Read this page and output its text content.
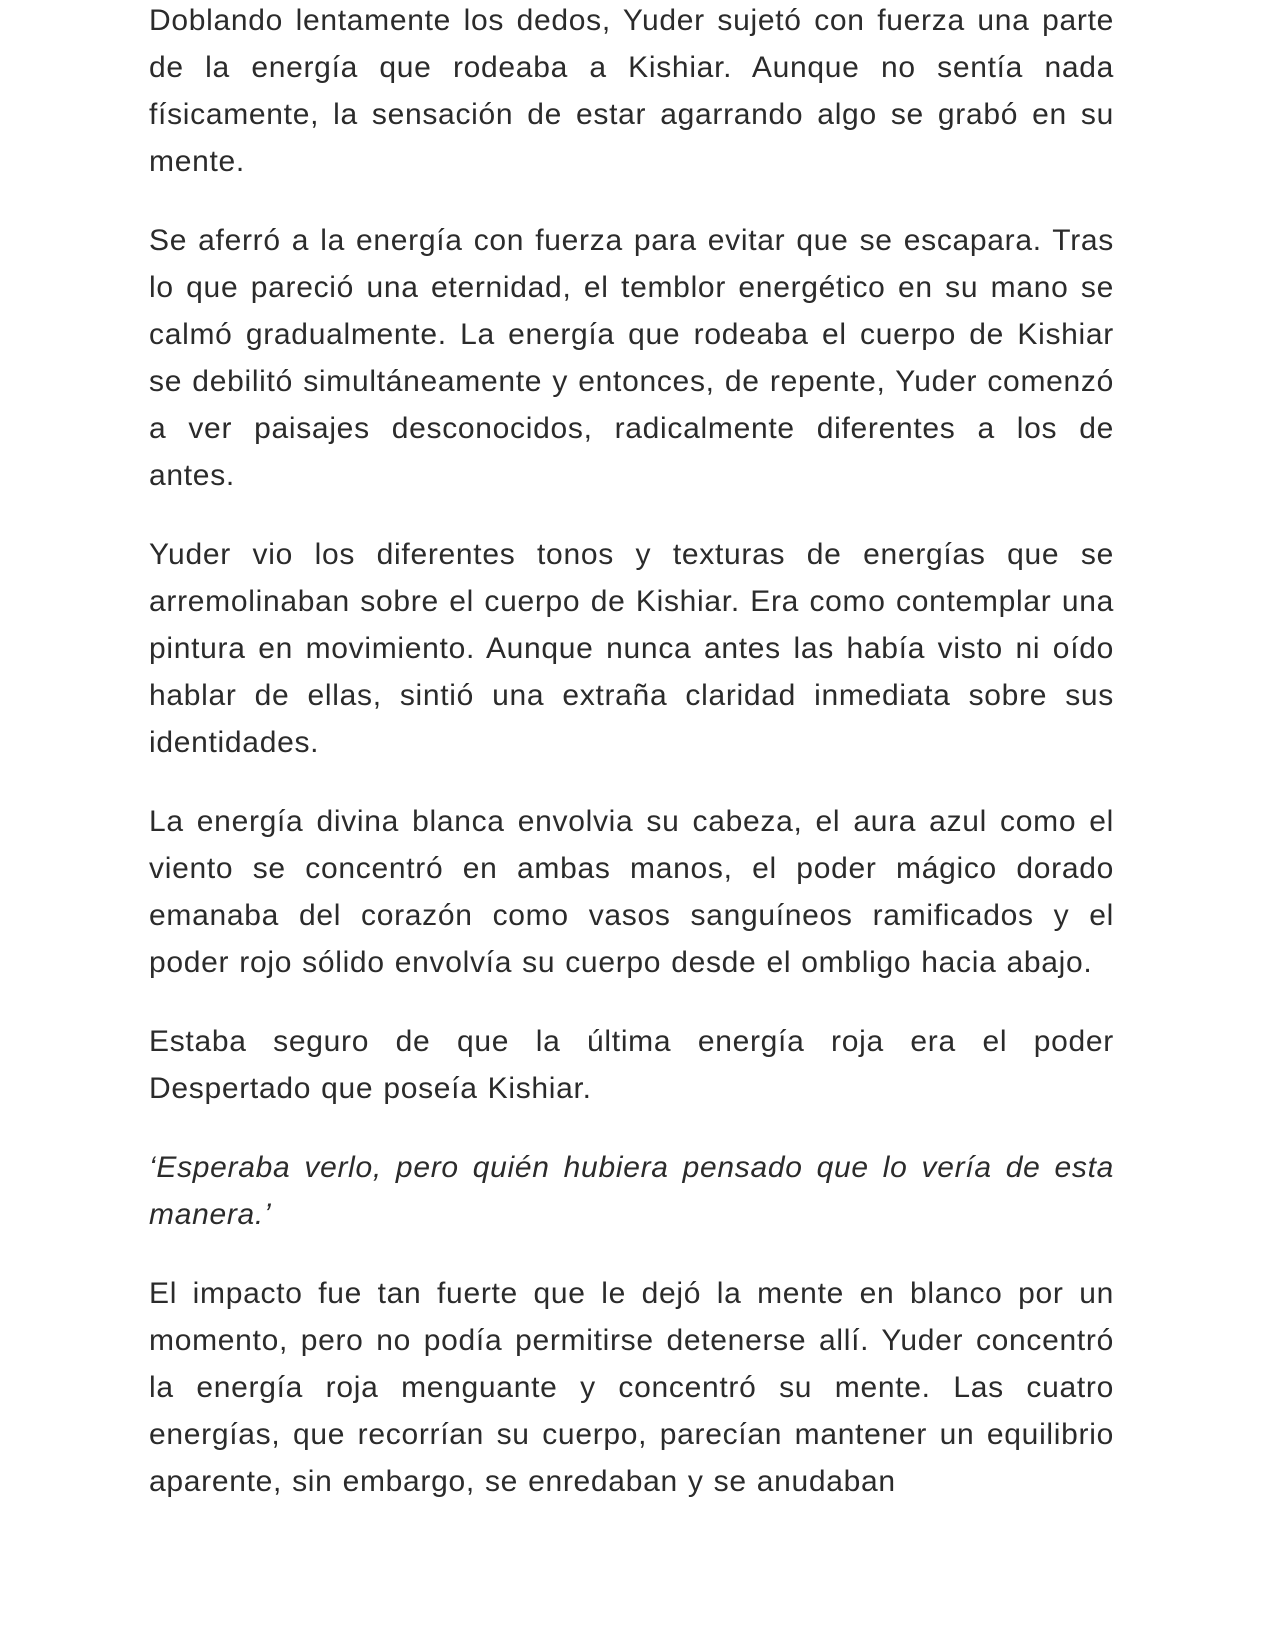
Doblando lentamente los dedos, Yuder sujetó con fuerza una parte de la energía que rodeaba a Kishiar. Aunque no sentía nada físicamente, la sensación de estar agarrando algo se grabó en su mente.

Se aferró a la energía con fuerza para evitar que se escapara. Tras lo que pareció una eternidad, el temblor energético en su mano se calmó gradualmente. La energía que rodeaba el cuerpo de Kishiar se debilitó simultáneamente y entonces, de repente, Yuder comenzó a ver paisajes desconocidos, radicalmente diferentes a los de antes.

Yuder vio los diferentes tonos y texturas de energías que se arremolinaban sobre el cuerpo de Kishiar. Era como contemplar una pintura en movimiento. Aunque nunca antes las había visto ni oído hablar de ellas, sintió una extraña claridad inmediata sobre sus identidades.

La energía divina blanca envolvia su cabeza, el aura azul como el viento se concentró en ambas manos, el poder mágico dorado emanaba del corazón como vasos sanguíneos ramificados y el poder rojo sólido envolvía su cuerpo desde el ombligo hacia abajo.

Estaba seguro de que la última energía roja era el poder Despertado que poseía Kishiar.

‘Esperaba verlo, pero quién hubiera pensado que lo vería de esta manera.’

El impacto fue tan fuerte que le dejó la mente en blanco por un momento, pero no podía permitirse detenerse allí. Yuder concentró la energía roja menguante y concentró su mente. Las cuatro energías, que recorrían su cuerpo, parecían mantener un equilibrio aparente, sin embargo, se enredaban y se anudaban
